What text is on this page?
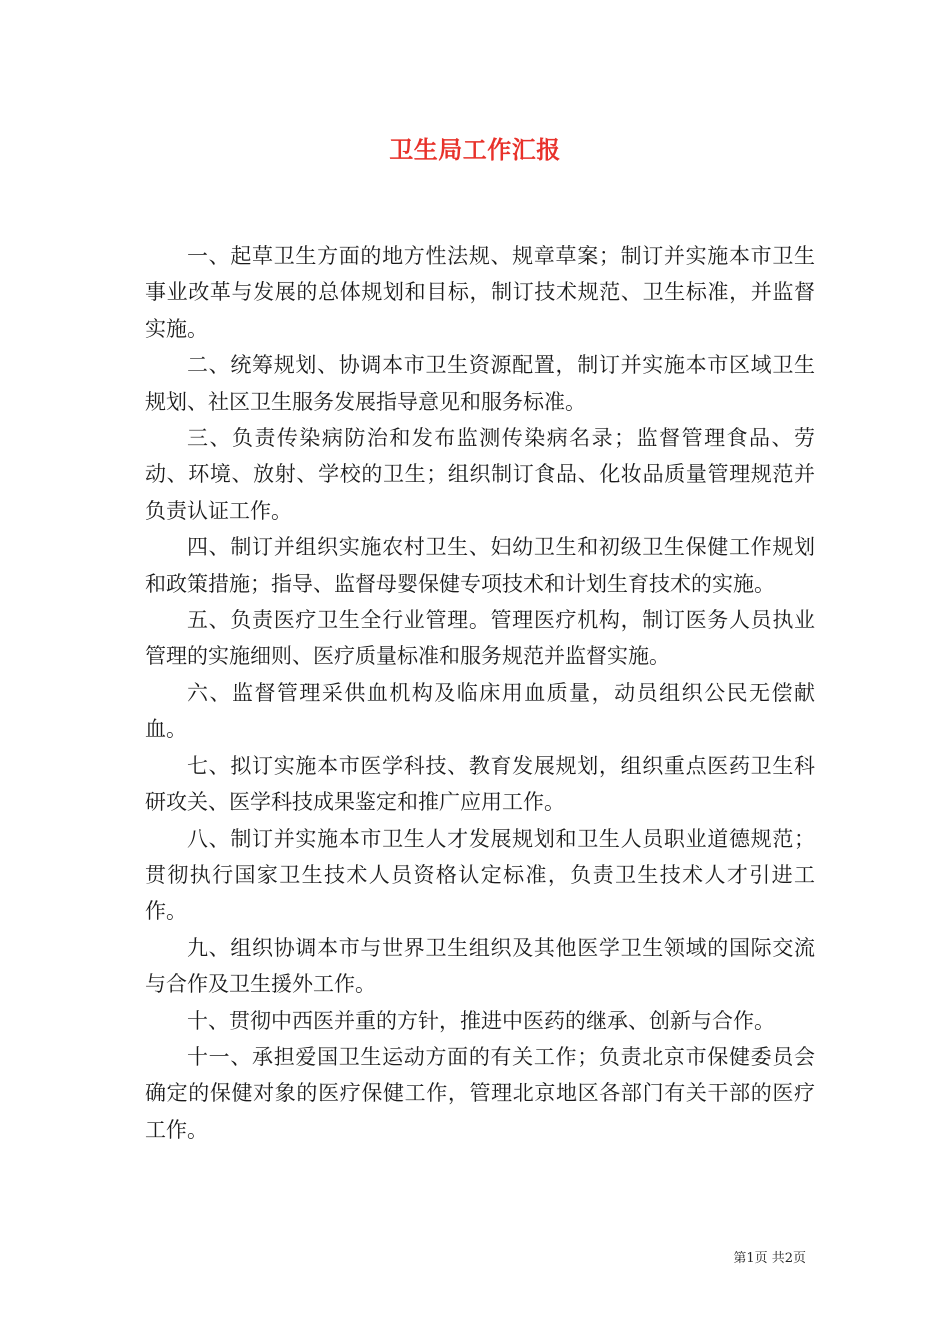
卫生局工作汇报

一、起草卫生方面的地方性法规、规章草案；制订并实施本市卫生事业改革与发展的总体规划和目标，制订技术规范、卫生标准，并监督实施。

二、统筹规划、协调本市卫生资源配置，制订并实施本市区域卫生规划、社区卫生服务发展指导意见和服务标准。

三、负责传染病防治和发布监测传染病名录；监督管理食品、劳动、环境、放射、学校的卫生；组织制订食品、化妆品质量管理规范并负责认证工作。

四、制订并组织实施农村卫生、妇幼卫生和初级卫生保健工作规划和政策措施；指导、监督母婴保健专项技术和计划生育技术的实施。

五、负责医疗卫生全行业管理。管理医疗机构，制订医务人员执业管理的实施细则、医疗质量标准和服务规范并监督实施。

六、监督管理采供血机构及临床用血质量，动员组织公民无偿献血。

七、拟订实施本市医学科技、教育发展规划，组织重点医药卫生科研攻关、医学科技成果鉴定和推广应用工作。

八、制订并实施本市卫生人才发展规划和卫生人员职业道德规范；贯彻执行国家卫生技术人员资格认定标准，负责卫生技术人才引进工作。

九、组织协调本市与世界卫生组织及其他医学卫生领域的国际交流与合作及卫生援外工作。

十、贯彻中西医并重的方针，推进中医药的继承、创新与合作。

十一、承担爱国卫生运动方面的有关工作；负责北京市保健委员会确定的保健对象的医疗保健工作，管理北京地区各部门有关干部的医疗工作。

第1页 共2页
